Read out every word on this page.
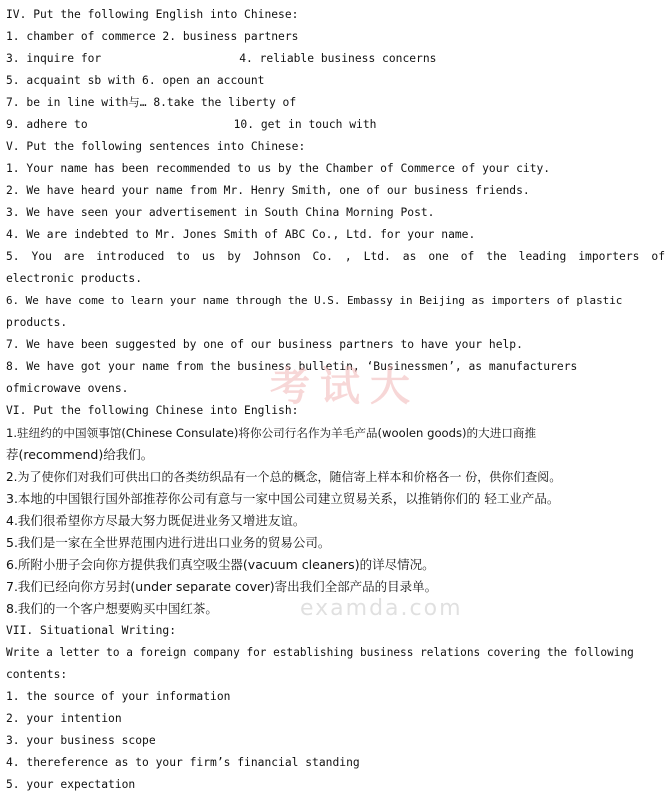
IV. Put the following English into Chinese:
1. chamber of commerce 2. business partners
3. inquire for	4. reliable business concerns
5. acquaint sb with 6. open an account
7. be in line with与… 8.take the liberty of
9. adhere to	10. get in touch with
V. Put the following sentences into Chinese:
1. Your name has been recommended to us by the Chamber of Commerce of your city.
2. We have heard your name from Mr. Henry Smith, one of our business friends.
3. We have seen your advertisement in South China Morning Post.
4. We are indebted to Mr. Jones Smith of ABC Co., Ltd. for your name.
5. You are introduced to us by Johnson Co. , Ltd. as one of the leading importers of
electronic products.
6. We have come to learn your name through the U.S. Embassy in Beijing as importers of plastic
products.
7. We have been suggested by one of our business partners to have your help.
8. We have got your name from the business bulletin, ‘Businessmen’, as manufacturers
ofmicrowave ovens.
VI. Put the following Chinese into English:
1.驻纽约的中国领事馆(Chinese Consulate)将你公司行名作为羊毛产品(woolen goods)的大进口商推
荐(recommend)给我们。
2.为了使你们对我们可供出口的各类纺织品有一个总的概念，随信寄上样本和价格各一 份，供你们查阅。
3.本地的中国银行国外部推荐你公司有意与一家中国公司建立贸易关系，以推销你们的 轻工业产品。
4.我们很希望你方尽最大努力既促进业务又增进友谊。
5.我们是一家在全世界范围内进行进出口业务的贸易公司。
6.所附小册子会向你方提供我们真空吸尘器(vacuum cleaners)的详尽情况。
7.我们已经向你方另封(under separate cover)寄出我们全部产品的目录单。
8.我们的一个客户想要购买中国红茶。
VII. Situational Writing:
Write a letter to a foreign company for establishing business relations covering the following
contents:
1. the source of your information
2. your intention
3. your business scope
4. thereference as to your firm’s financial standing
5. your expectation
考试大
examda.com
